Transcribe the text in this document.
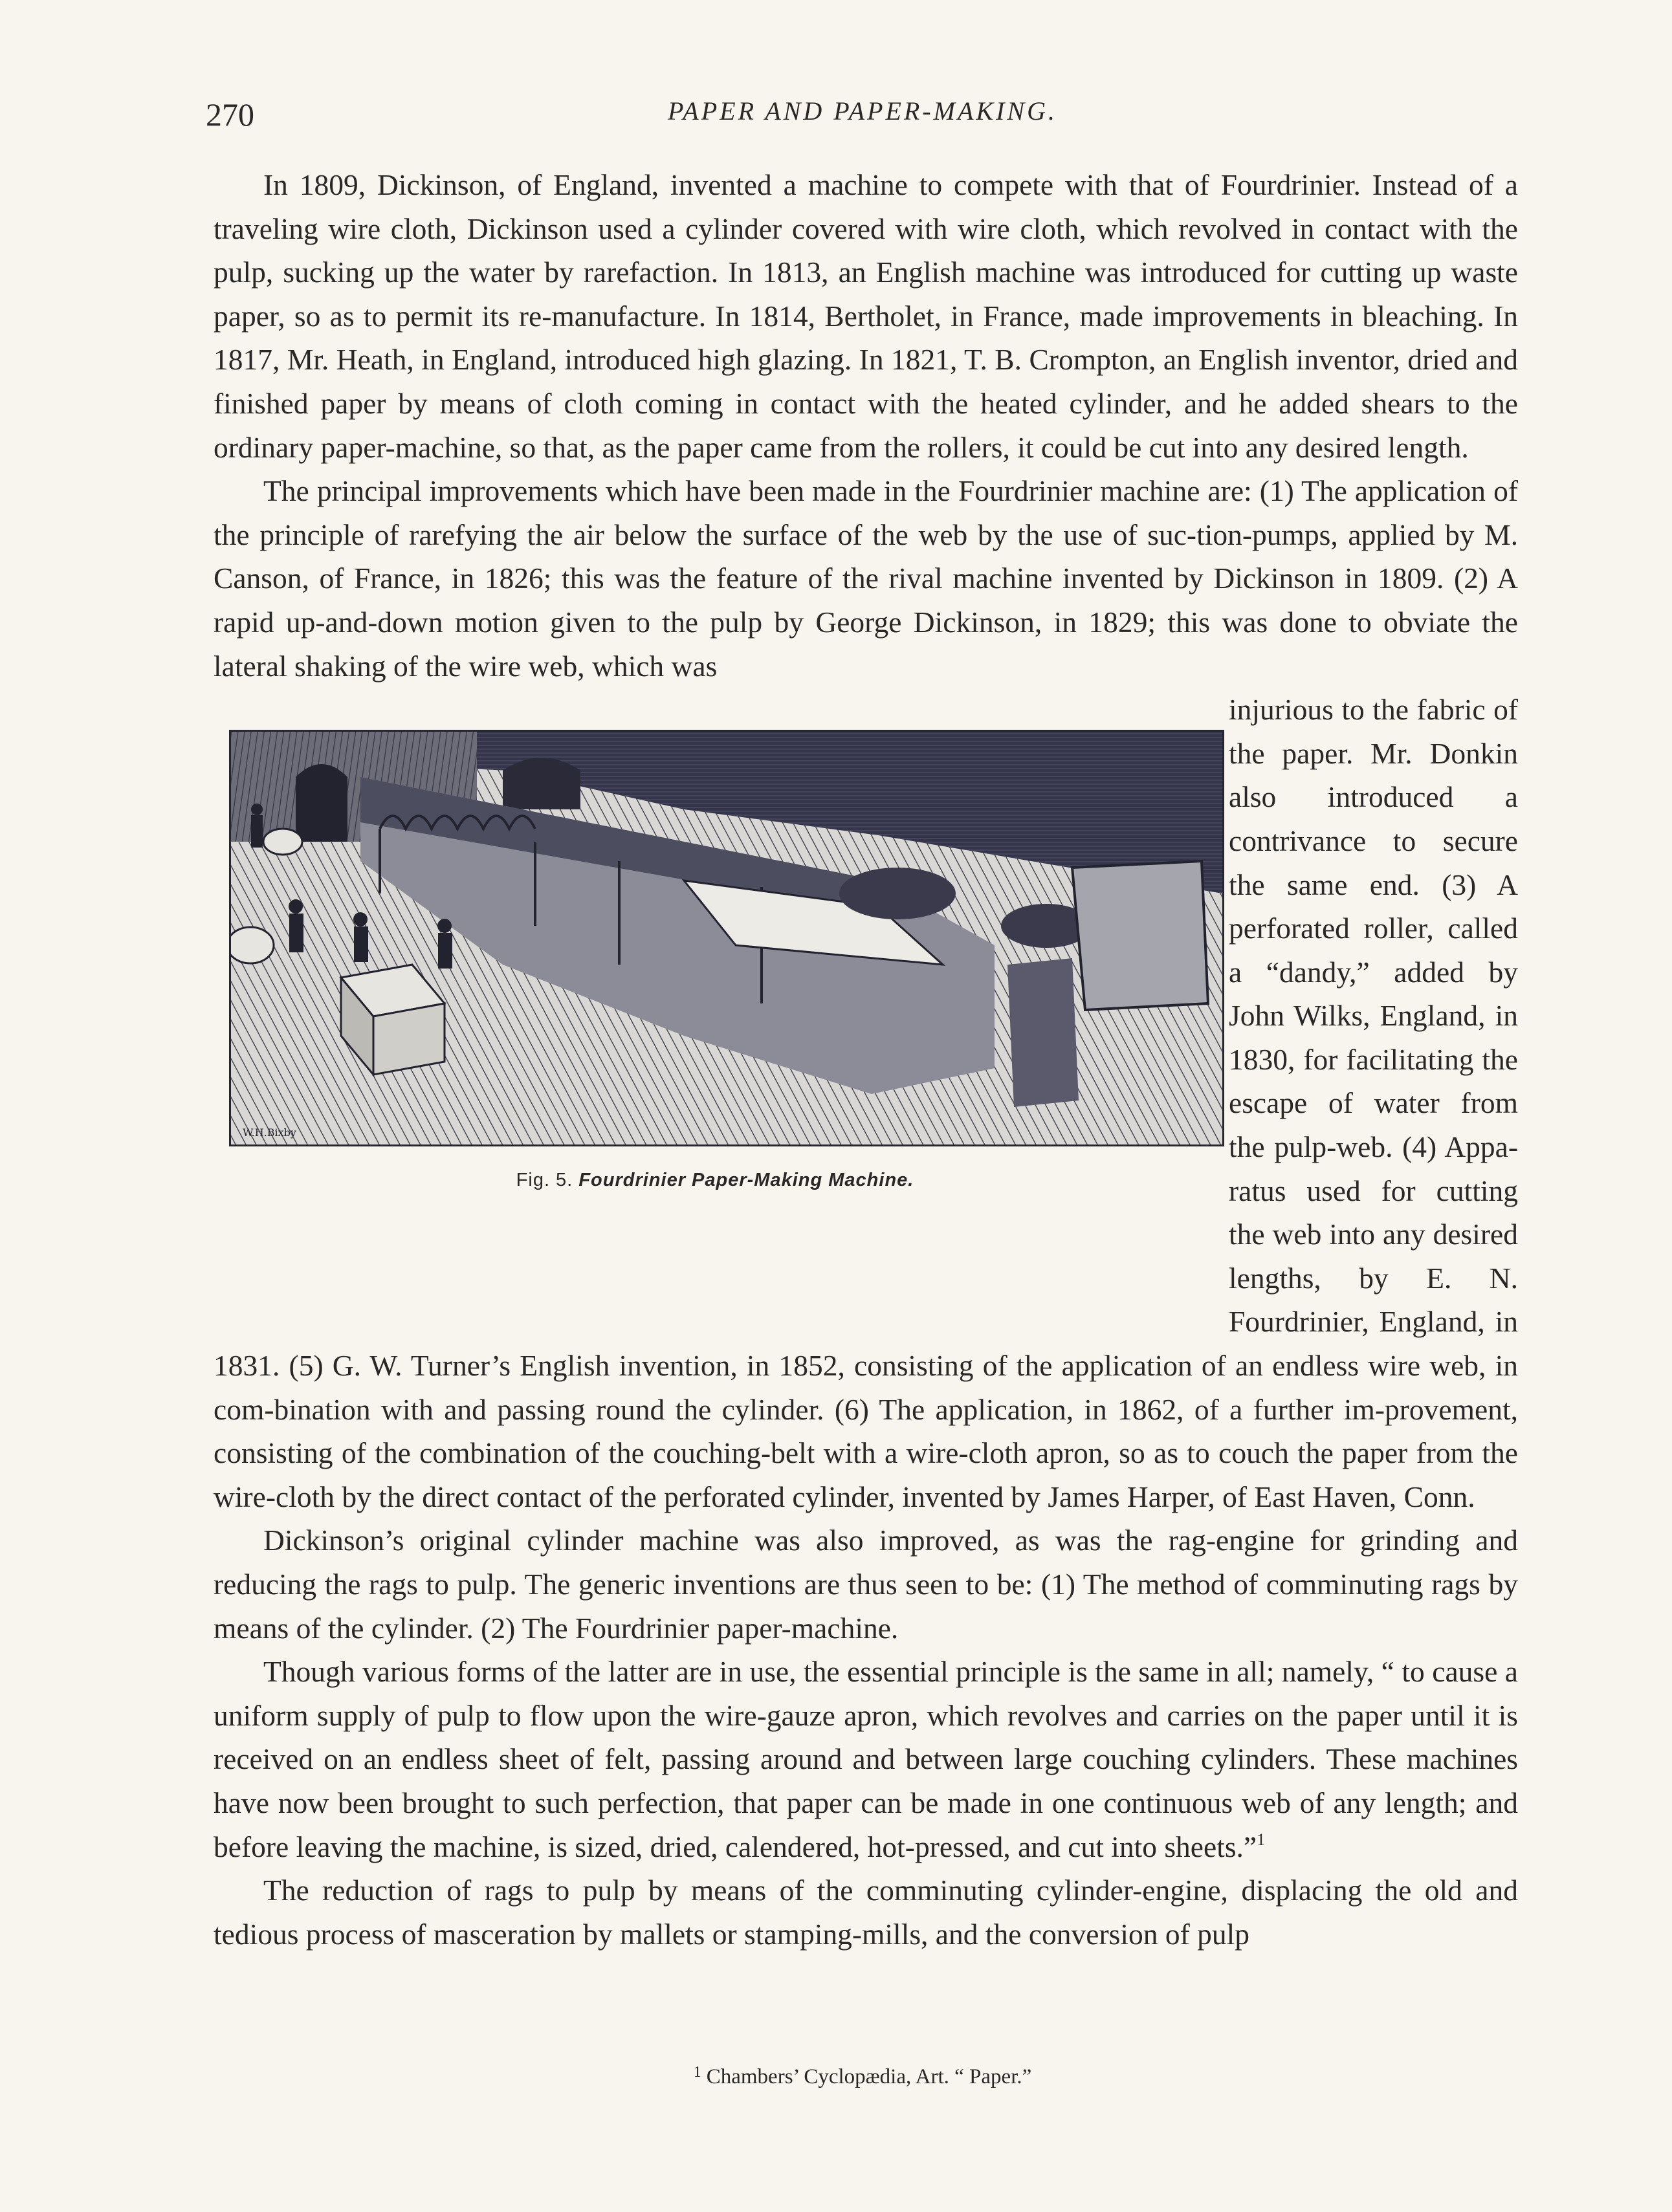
270	PAPER AND PAPER-MAKING.

In 1809, Dickinson, of England, invented a machine to compete with that of Fourdrinier. Instead of a traveling wire cloth, Dickinson used a cylinder covered with wire cloth, which revolved in contact with the pulp, sucking up the water by rarefaction. In 1813, an English machine was introduced for cutting up waste paper, so as to permit its re-manufacture. In 1814, Bertholet, in France, made improvements in bleaching. In 1817, Mr. Heath, in England, introduced high glazing. In 1821, T. B. Crompton, an English inventor, dried and finished paper by means of cloth coming in contact with the heated cylinder, and he added shears to the ordinary paper-machine, so that, as the paper came from the rollers, it could be cut into any desired length.

The principal improvements which have been made in the Fourdrinier machine are: (1) The application of the principle of rarefying the air below the surface of the web by the use of suc-tion-pumps, applied by M. Canson, of France, in 1826; this was the feature of the rival machine invented by Dickinson in 1809. (2) A rapid up-and-down motion given to the pulp by George Dickinson, in 1829; this was done to obviate the lateral shaking of the wire web, which was

W.H.Bixby
Fig. 5. Fourdrinier Paper-Making Machine.

injurious to the fabric of the paper. Mr. Donkin also introduced a contrivance to secure the same end. (3) A perforated roller, called a “dandy,” added by John Wilks, England, in 1830, for facilitating the escape of water from the pulp-web. (4) Appa-ratus used for cutting the web into any desired lengths, by E. N. Fourdrinier, England, in 1831. (5) G. W. Turner’s English invention, in 1852, consisting of the application of an endless wire web, in com-bination with and passing round the cylinder. (6) The application, in 1862, of a further im-provement, consisting of the combination of the couching-belt with a wire-cloth apron, so as to couch the paper from the wire-cloth by the direct contact of the perforated cylinder, invented by James Harper, of East Haven, Conn.

Dickinson’s original cylinder machine was also improved, as was the rag-engine for grinding and reducing the rags to pulp. The generic inventions are thus seen to be: (1) The method of comminuting rags by means of the cylinder. (2) The Fourdrinier paper-machine.

Though various forms of the latter are in use, the essential principle is the same in all; namely, “ to cause a uniform supply of pulp to flow upon the wire-gauze apron, which revolves and carries on the paper until it is received on an endless sheet of felt, passing around and between large couching cylinders. These machines have now been brought to such perfection, that paper can be made in one continuous web of any length; and before leaving the machine, is sized, dried, calendered, hot-pressed, and cut into sheets.”$^1$

The reduction of rags to pulp by means of the comminuting cylinder-engine, displacing the old and tedious process of masceration by mallets or stamping-mills, and the conversion of pulp

$^1$ Chambers’ Cyclopædia, Art. “ Paper.”
